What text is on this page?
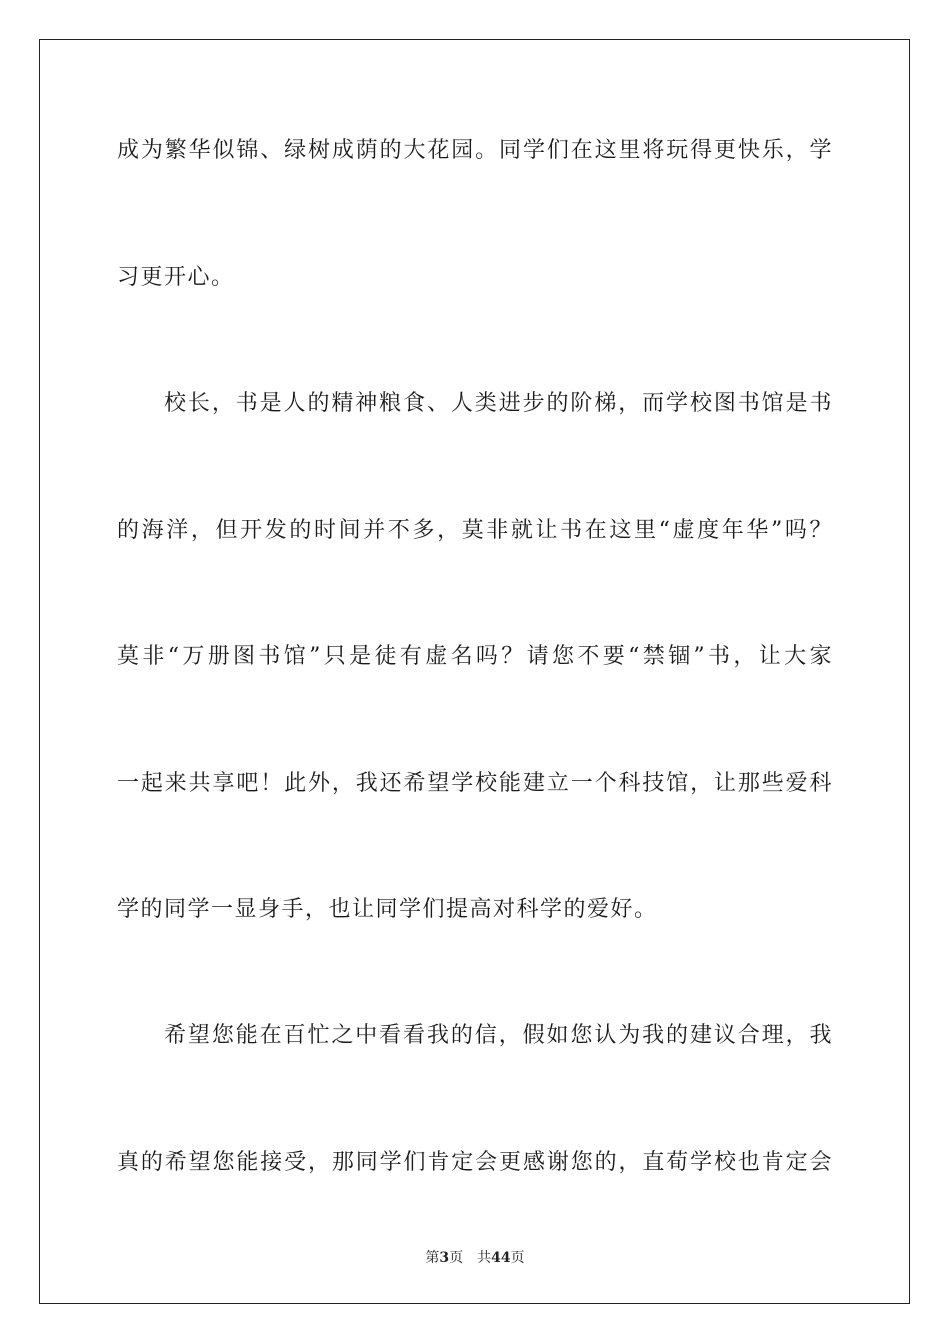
成为繁华似锦、绿树成荫的大花园。同学们在这里将玩得更快乐，学
习更开心。
校长，书是人的精神粮食、人类进步的阶梯，而学校图书馆是书
的海洋，但开发的时间并不多，莫非就让书在这里“虚度年华”吗？
莫非“万册图书馆”只是徒有虚名吗？请您不要“禁锢”书，让大家
一起来共享吧！此外，我还希望学校能建立一个科技馆，让那些爱科
学的同学一显身手，也让同学们提高对科学的爱好。
希望您能在百忙之中看看我的信，假如您认为我的建议合理，我
真的希望您能接受，那同学们肯定会更感谢您的，直荀学校也肯定会
第3页 共44页
